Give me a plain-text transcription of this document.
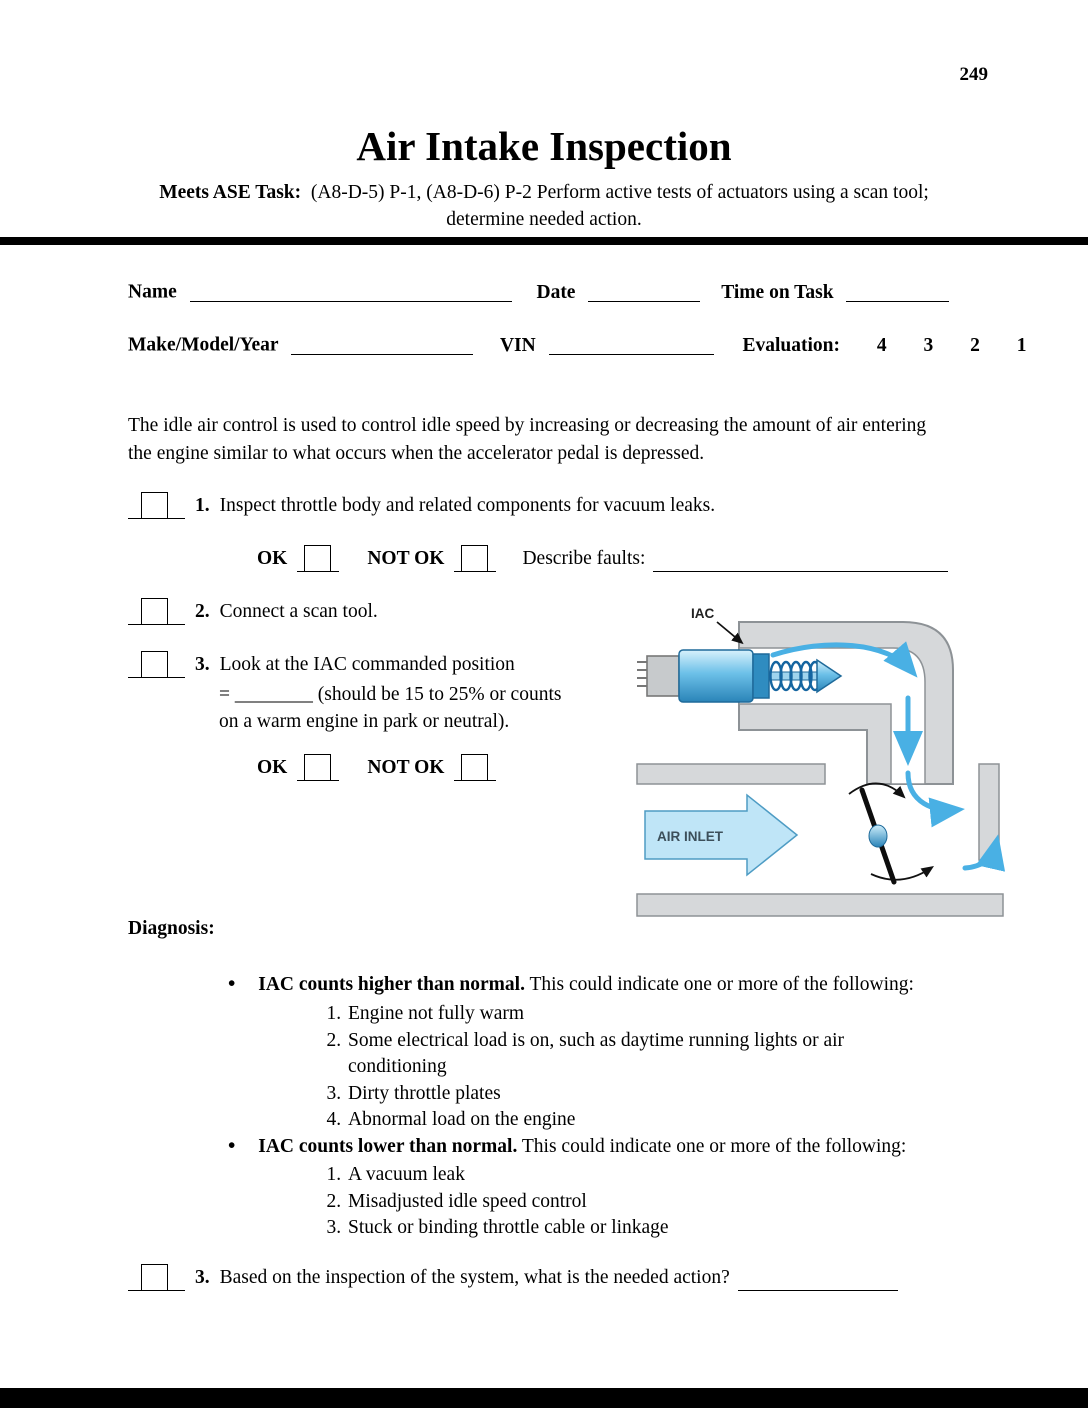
249
Air Intake Inspection
Meets ASE Task: (A8-D-5) P-1, (A8-D-6) P-2 Perform active tests of actuators using a scan tool;
determine needed action.
Name	Date	Time on Task
Make/Model/Year	VIN	Evaluation: 4 3 2 1
The idle air control is used to control idle speed by increasing or decreasing the amount of air entering the engine similar to what occurs when the accelerator pedal is depressed.
1. Inspect throttle body and related components for vacuum leaks.
OK	NOT OK	Describe faults:
2. Connect a scan tool.
3. Look at the IAC commanded position
= ________ (should be 15 to 25% or counts
on a warm engine in park or neutral).
OK	NOT OK
AIR INLET
IAC
Diagnosis:
• IAC counts higher than normal. This could indicate one or more of the following:
1. Engine not fully warm
2. Some electrical load is on, such as daytime running lights or air conditioning
3. Dirty throttle plates
4. Abnormal load on the engine
• IAC counts lower than normal. This could indicate one or more of the following:
1. A vacuum leak
2. Misadjusted idle speed control
3. Stuck or binding throttle cable or linkage
3. Based on the inspection of the system, what is the needed action?
